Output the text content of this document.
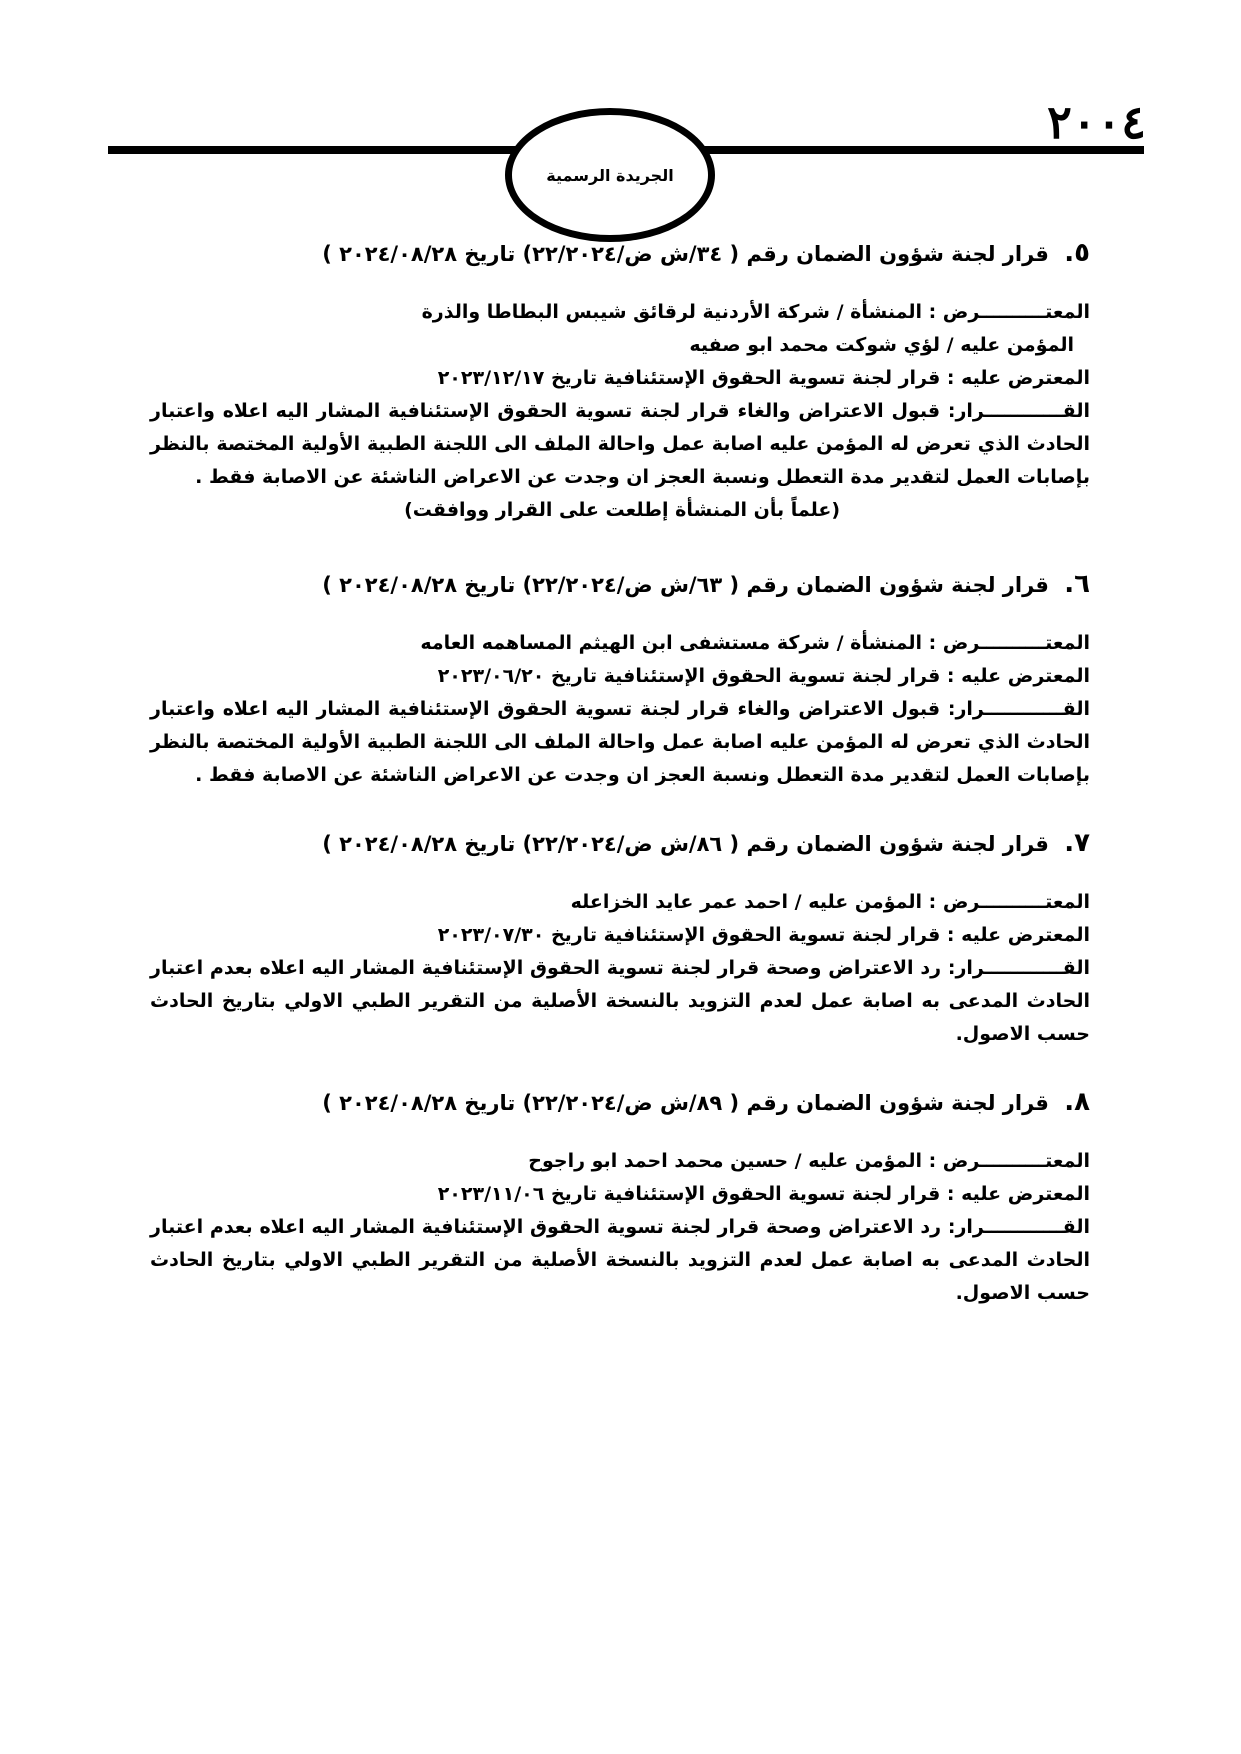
الجريدة الرسمية
٢٠٠٤
٥. قرار لجنة شؤون الضمان رقم ( ٣٤/ش ض/٢٢/٢٠٢٤) تاريخ ٢٠٢٤/٠٨/٢٨ )
المعتــــــــــرض : المنشأة / شركة الأردنية لرقائق شيبس البطاطا والذرة
المؤمن عليه / لؤي شوكت محمد ابو صفيه
المعترض عليه : قرار لجنة تسوية الحقوق الإستئنافية تاريخ ٢٠٢٣/١٢/١٧
القــــــــــــرار: قبول الاعتراض والغاء قرار لجنة تسوية الحقوق الإستئنافية المشار اليه اعلاه واعتبار الحادث الذي تعرض له المؤمن عليه اصابة عمل واحالة الملف الى اللجنة الطبية الأولية المختصة بالنظر بإصابات العمل لتقدير مدة التعطل ونسبة العجز ان وجدت عن الاعراض الناشئة عن الاصابة فقط .
(علماً بأن المنشأة إطلعت على القرار ووافقت)
٦. قرار لجنة شؤون الضمان رقم ( ٦٣/ش ض/٢٢/٢٠٢٤) تاريخ ٢٠٢٤/٠٨/٢٨ )
المعتــــــــــرض : المنشأة / شركة مستشفى ابن الهيثم المساهمه العامه
المعترض عليه : قرار لجنة تسوية الحقوق الإستئنافية تاريخ ٢٠٢٣/٠٦/٢٠
القــــــــــــرار: قبول الاعتراض والغاء قرار لجنة تسوية الحقوق الإستئنافية المشار اليه اعلاه واعتبار الحادث الذي تعرض له المؤمن عليه اصابة عمل واحالة الملف الى اللجنة الطبية الأولية المختصة بالنظر بإصابات العمل لتقدير مدة التعطل ونسبة العجز ان وجدت عن الاعراض الناشئة عن الاصابة فقط .
٧. قرار لجنة شؤون الضمان رقم ( ٨٦/ش ض/٢٢/٢٠٢٤) تاريخ ٢٠٢٤/٠٨/٢٨ )
المعتــــــــــرض : المؤمن عليه / احمد عمر عايد الخزاعله
المعترض عليه : قرار لجنة تسوية الحقوق الإستئنافية تاريخ ٢٠٢٣/٠٧/٣٠
القــــــــــــرار: رد الاعتراض وصحة قرار لجنة تسوية الحقوق الإستئنافية المشار اليه اعلاه بعدم اعتبار الحادث المدعى به اصابة عمل لعدم التزويد بالنسخة الأصلية من التقرير الطبي الاولي بتاريخ الحادث حسب الاصول.
٨. قرار لجنة شؤون الضمان رقم ( ٨٩/ش ض/٢٢/٢٠٢٤) تاريخ ٢٠٢٤/٠٨/٢٨ )
المعتــــــــــرض : المؤمن عليه / حسين محمد احمد ابو راجوح
المعترض عليه : قرار لجنة تسوية الحقوق الإستئنافية تاريخ ٢٠٢٣/١١/٠٦
القــــــــــــرار: رد الاعتراض وصحة قرار لجنة تسوية الحقوق الإستئنافية المشار اليه اعلاه بعدم اعتبار الحادث المدعى به اصابة عمل لعدم التزويد بالنسخة الأصلية من التقرير الطبي الاولي بتاريخ الحادث حسب الاصول.
